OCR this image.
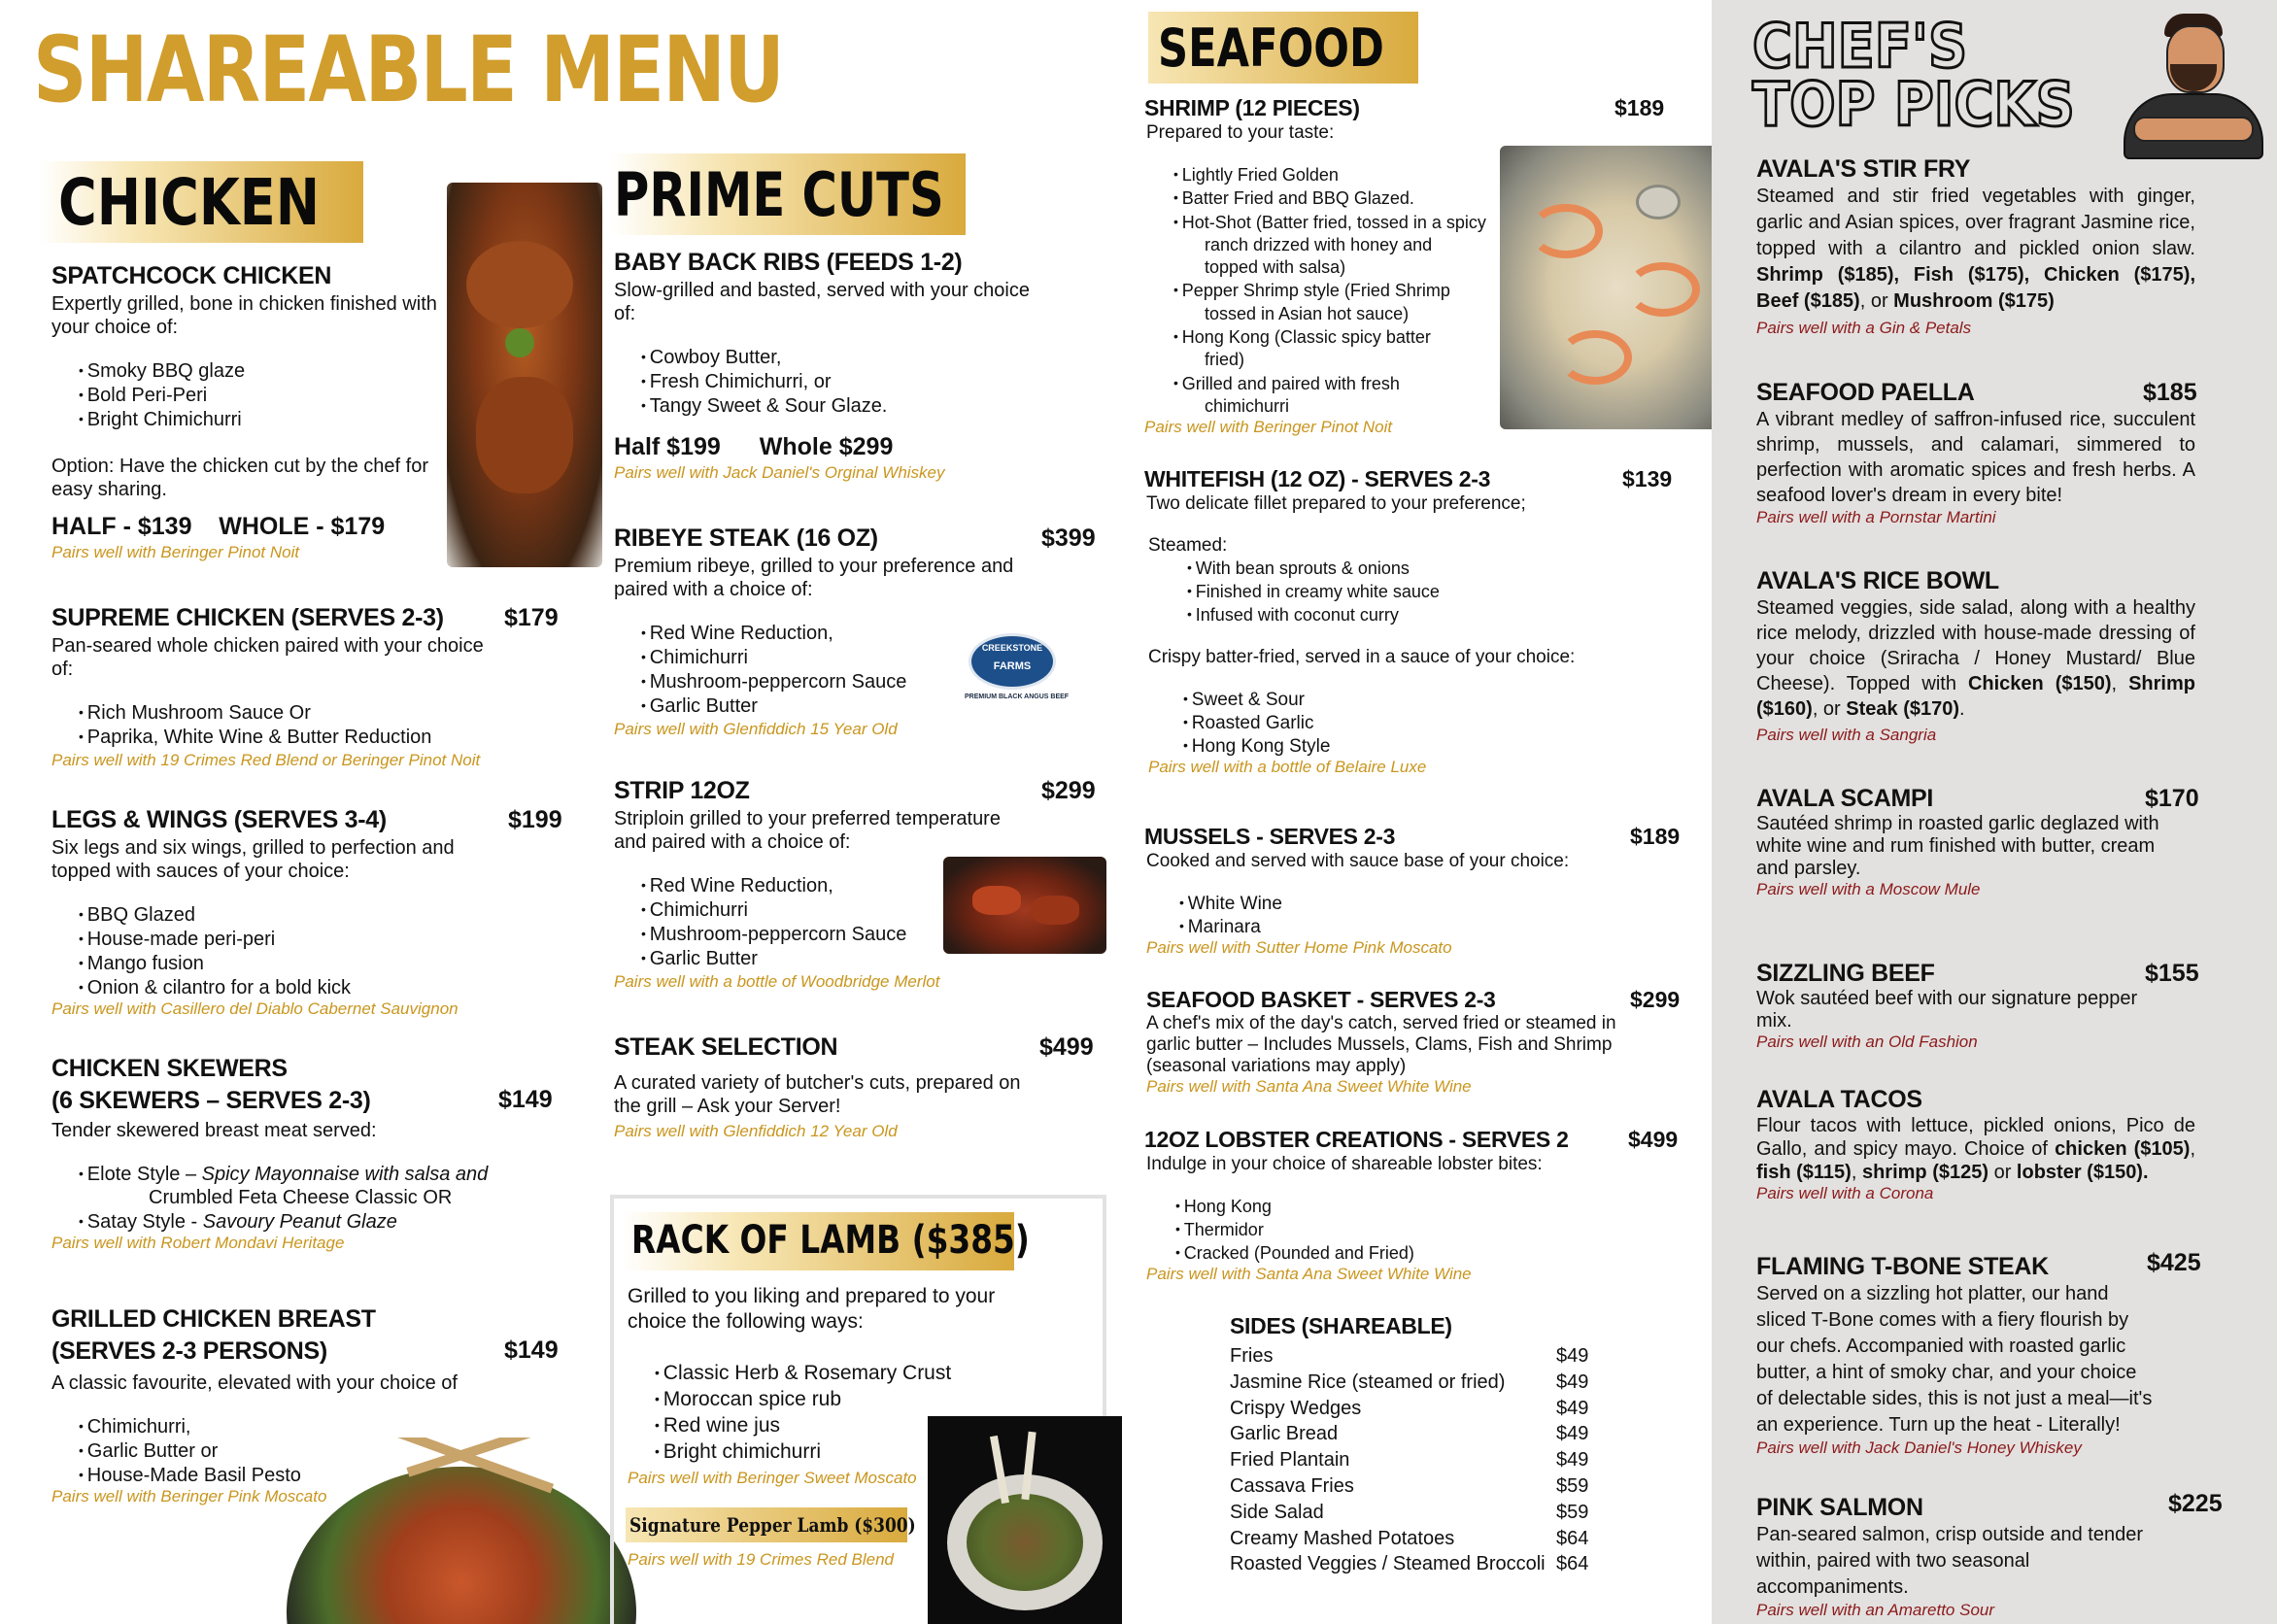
SHAREABLE MENU
CHICKEN
SPATCHCOCK CHICKEN
Expertly grilled, bone in chicken finished with your choice of:
• Smoky BBQ glaze
• Bold Peri-Peri
• Bright Chimichurri
Option: Have the chicken cut by the chef for easy sharing.
HALF - $139    WHOLE - $179
Pairs well with Beringer Pinot Noit
SUPREME CHICKEN (SERVES 2-3)	$179
Pan-seared whole chicken paired with your choice of:
• Rich Mushroom Sauce Or
• Paprika, White Wine & Butter Reduction
Pairs well with 19 Crimes Red Blend or Beringer Pinot Noit
LEGS & WINGS (SERVES 3-4)	$199
Six legs and six wings, grilled to perfection and topped with sauces of your choice:
• BBQ Glazed
• House-made peri-peri
• Mango fusion
• Onion & cilantro for a bold kick
Pairs well with Casillero del Diablo Cabernet Sauvignon
CHICKEN SKEWERS
(6 SKEWERS – SERVES 2-3)	$149
Tender skewered breast meat served:
• Elote Style – Spicy Mayonnaise with salsa and
Crumbled Feta Cheese Classic OR
• Satay Style - Savoury Peanut Glaze
Pairs well with Robert Mondavi Heritage
GRILLED CHICKEN BREAST
(SERVES 2-3 PERSONS)	$149
A classic favourite, elevated with your choice of
• Chimichurri,
• Garlic Butter or
• House-Made Basil Pesto
Pairs well with Beringer Pink Moscato
PRIME CUTS
BABY BACK RIBS (FEEDS 1-2)
Slow-grilled and basted, served with your choice of:
• Cowboy Butter,
• Fresh Chimichurri, or
• Tangy Sweet & Sour Glaze.
Half $199 Whole $299
Pairs well with Jack Daniel's Orginal Whiskey
RIBEYE STEAK (16 OZ)	$399
Premium ribeye, grilled to your preference and paired with a choice of:
• Red Wine Reduction,
• Chimichurri
• Mushroom-peppercorn Sauce
• Garlic Butter
Pairs well with Glenfiddich 15 Year Old
CREEKSTONE
FARMS
PREMIUM BLACK ANGUS BEEF
STRIP 12OZ	$299
Striploin grilled to your preferred temperature and paired with a choice of:
• Red Wine Reduction,
• Chimichurri
• Mushroom-peppercorn Sauce
• Garlic Butter
Pairs well with a bottle of Woodbridge Merlot
STEAK SELECTION	$499
A curated variety of butcher's cuts, prepared on the grill – Ask your Server!
Pairs well with Glenfiddich 12 Year Old
RACK OF LAMB ($385)
Grilled to you liking and prepared to your choice the following ways:
• Classic Herb & Rosemary Crust
• Moroccan spice rub
• Red wine jus
• Bright chimichurri
Pairs well with Beringer Sweet Moscato
Signature Pepper Lamb ($300)
Pairs well with 19 Crimes Red Blend
SEAFOOD
SHRIMP (12 PIECES)	$189
Prepared to your taste:
• Lightly Fried Golden
• Batter Fried and BBQ Glazed.
• Hot-Shot (Batter fried, tossed in a spicy
ranch drizzed with honey and
topped with salsa)
• Pepper Shrimp style (Fried Shrimp
tossed in Asian hot sauce)
• Hong Kong (Classic spicy batter
fried)
• Grilled and paired with fresh
chimichurri
Pairs well with Beringer Pinot Noit
WHITEFISH (12 OZ) - SERVES 2-3	$139
Two delicate fillet prepared to your preference;
Steamed:
• With bean sprouts & onions
• Finished in creamy white sauce
• Infused with coconut curry
Crispy batter-fried, served in a sauce of your choice:
• Sweet & Sour
• Roasted Garlic
• Hong Kong Style
Pairs well with a bottle of Belaire Luxe
MUSSELS - SERVES 2-3	$189
Cooked and served with sauce base of your choice:
• White Wine
• Marinara
Pairs well with Sutter Home Pink Moscato
SEAFOOD BASKET - SERVES 2-3	$299
A chef's mix of the day's catch, served fried or steamed in garlic butter – Includes Mussels, Clams, Fish and Shrimp (seasonal variations may apply)
Pairs well with Santa Ana Sweet White Wine
12OZ LOBSTER CREATIONS - SERVES 2	$499
Indulge in your choice of shareable lobster bites:
• Hong Kong
• Thermidor
• Cracked (Pounded and Fried)
Pairs well with Santa Ana Sweet White Wine
SIDES (SHAREABLE)
Fries	$49
Jasmine Rice (steamed or fried)	$49
Crispy Wedges	$49
Garlic Bread	$49
Fried Plantain	$49
Cassava Fries	$59
Side Salad	$59
Creamy Mashed Potatoes	$64
Roasted Veggies / Steamed Broccoli $64
CHEF'S
TOP PICKS
AVALA'S STIR FRY
Steamed and stir fried vegetables with ginger, garlic and Asian spices, over fragrant Jasmine rice, topped with a cilantro and pickled onion slaw. Shrimp ($185), Fish ($175), Chicken ($175), Beef ($185), or Mushroom ($175)
Pairs well with a Gin & Petals
SEAFOOD PAELLA	$185
A vibrant medley of saffron-infused rice, succulent shrimp, mussels, and calamari, simmered to perfection with aromatic spices and fresh herbs. A seafood lover's dream in every bite!
Pairs well with a Pornstar Martini
AVALA'S RICE BOWL
Steamed veggies, side salad, along with a healthy rice melody, drizzled with house-made dressing of your choice (Sriracha / Honey Mustard/ Blue Cheese). Topped with Chicken ($150), Shrimp ($160), or Steak ($170).
Pairs well with a Sangria
AVALA SCAMPI	$170
Sautéed shrimp in roasted garlic deglazed with white wine and rum finished with butter, cream and parsley.
Pairs well with a Moscow Mule
SIZZLING BEEF	$155
Wok sautéed beef with our signature pepper mix.
Pairs well with an Old Fashion
AVALA TACOS
Flour tacos with lettuce, pickled onions, Pico de Gallo, and spicy mayo. Choice of chicken ($105), fish ($115), shrimp ($125) or lobster ($150).
Pairs well with a Corona
FLAMING T-BONE STEAK	$425
Served on a sizzling hot platter, our hand sliced T-Bone comes with a fiery flourish by our chefs. Accompanied with roasted garlic butter, a hint of smoky char, and your choice of delectable sides, this is not just a meal—it's an experience. Turn up the heat - Literally!
Pairs well with Jack Daniel's Honey Whiskey
PINK SALMON	$225
Pan-seared salmon, crisp outside and tender within, paired with two seasonal accompaniments.
Pairs well with an Amaretto Sour
